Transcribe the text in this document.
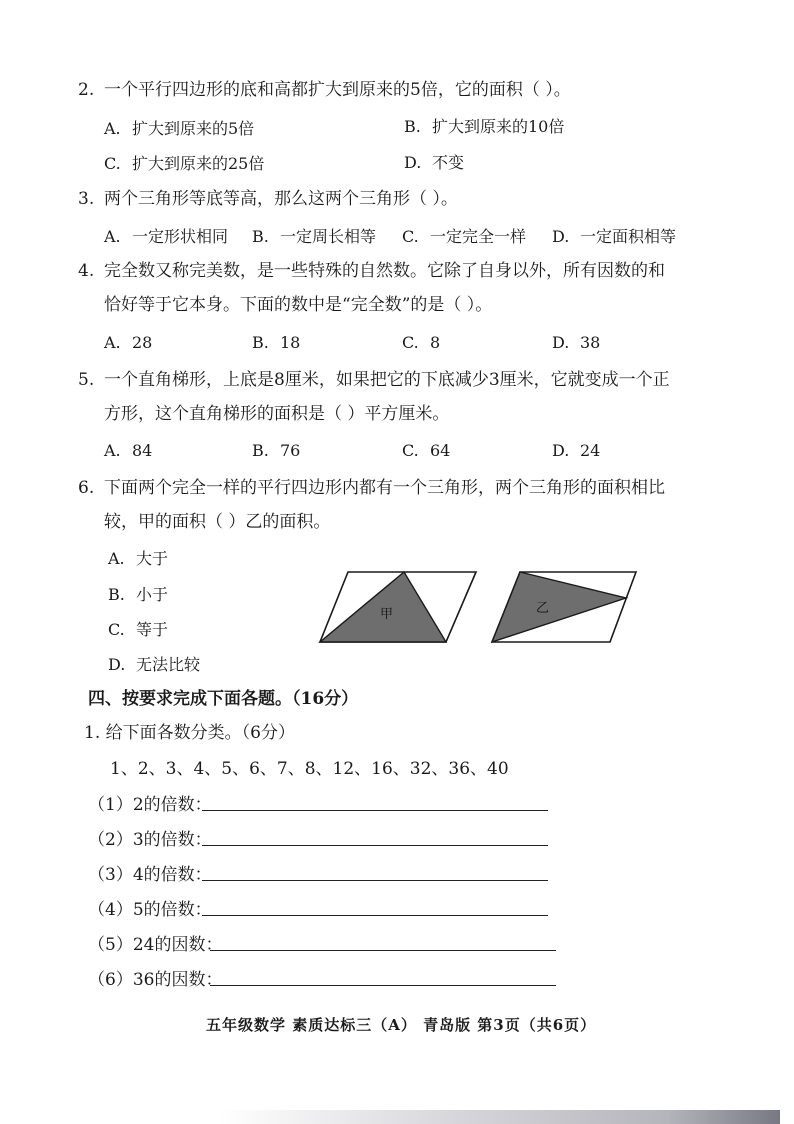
2. 一个平行四边形的底和高都扩大到原来的5倍，它的面积（ ）。
A. 扩大到原来的5倍	B. 扩大到原来的10倍
C. 扩大到原来的25倍	D. 不变
3. 两个三角形等底等高，那么这两个三角形（ ）。
A. 一定形状相同 B. 一定周长相等 C. 一定完全一样 D. 一定面积相等
4. 完全数又称完美数，是一些特殊的自然数。它除了自身以外，所有因数的和
恰好等于它本身。下面的数中是“完全数”的是（ ）。
A. 28	B. 18	C. 8	D. 38
5. 一个直角梯形，上底是8厘米，如果把它的下底减少3厘米，它就变成一个正
方形，这个直角梯形的面积是（ ）平方厘米。
A. 84	B. 76	C. 64	D. 24
6. 下面两个完全一样的平行四边形内都有一个三角形，两个三角形的面积相比
较，甲的面积（ ）乙的面积。
A. 大于
B. 小于
C. 等于
D. 无法比较
甲	乙
四、按要求完成下面各题。（16分）
1. 给下面各数分类。（6分）
1、2、3、4、5、6、7、8、12、16、32、36、40
（1）2的倍数：
（2）3的倍数：
（3）4的倍数：
（4）5的倍数：
（5）24的因数：
（6）36的因数：
五年级数学 素质达标三（A） 青岛版 第3页（共6页）
